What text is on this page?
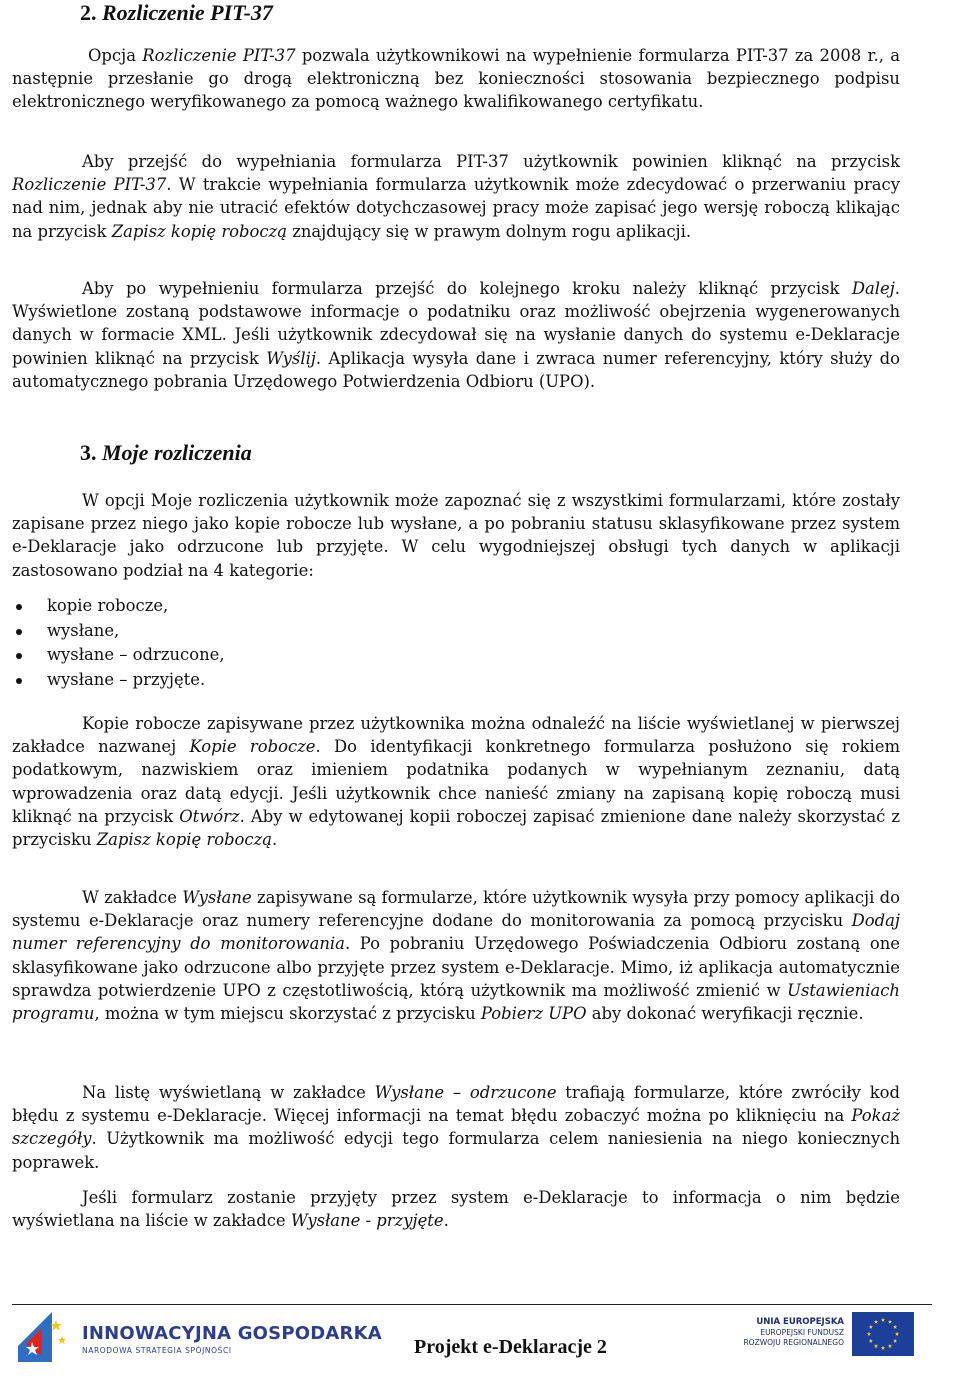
2. Rozliczenie PIT-37

Opcja Rozliczenie PIT-37 pozwala użytkownikowi na wypełnienie formularza PIT-37 za 2008 r., a następnie przesłanie go drogą elektroniczną bez konieczności stosowania bezpiecznego podpisu elektronicznego weryfikowanego za pomocą ważnego kwalifikowanego certyfikatu.

Aby przejść do wypełniania formularza PIT-37 użytkownik powinien kliknąć na przycisk Rozliczenie PIT-37. W trakcie wypełniania formularza użytkownik może zdecydować o przerwaniu pracy nad nim, jednak aby nie utracić efektów dotychczasowej pracy może zapisać jego wersję roboczą klikając na przycisk Zapisz kopię roboczą znajdujący się w prawym dolnym rogu aplikacji.

Aby po wypełnieniu formularza przejść do kolejnego kroku należy kliknąć przycisk Dalej. Wyświetlone zostaną podstawowe informacje o podatniku oraz możliwość obejrzenia wygenerowanych danych w formacie XML. Jeśli użytkownik zdecydował się na wysłanie danych do systemu e-Deklaracje powinien kliknąć na przycisk Wyślij. Aplikacja wysyła dane i zwraca numer referencyjny, który służy do automatycznego pobrania Urzędowego Potwierdzenia Odbioru (UPO).

3. Moje rozliczenia

W opcji Moje rozliczenia użytkownik może zapoznać się z wszystkimi formularzami, które zostały zapisane przez niego jako kopie robocze lub wysłane, a po pobraniu statusu sklasyfikowane przez system e-Deklaracje jako odrzucone lub przyjęte. W celu wygodniejszej obsługi tych danych w aplikacji zastosowano podział na 4 kategorie:

kopie robocze,
wysłane,
wysłane – odrzucone,
wysłane – przyjęte.

Kopie robocze zapisywane przez użytkownika można odnaleźć na liście wyświetlanej w pierwszej zakładce nazwanej Kopie robocze. Do identyfikacji konkretnego formularza posłużono się rokiem podatkowym, nazwiskiem oraz imieniem podatnika podanych w wypełnianym zeznaniu, datą wprowadzenia oraz datą edycji. Jeśli użytkownik chce nanieść zmiany na zapisaną kopię roboczą musi kliknąć na przycisk Otwórz. Aby w edytowanej kopii roboczej zapisać zmienione dane należy skorzystać z przycisku Zapisz kopię roboczą.

W zakładce Wysłane zapisywane są formularze, które użytkownik wysyła przy pomocy aplikacji do systemu e-Deklaracje oraz numery referencyjne dodane do monitorowania za pomocą przycisku Dodaj numer referencyjny do monitorowania. Po pobraniu Urzędowego Poświadczenia Odbioru zostaną one sklasyfikowane jako odrzucone albo przyjęte przez system e-Deklaracje. Mimo, iż aplikacja automatycznie sprawdza potwierdzenie UPO z częstotliwością, którą użytkownik ma możliwość zmienić w Ustawieniach programu, można w tym miejscu skorzystać z przycisku Pobierz UPO aby dokonać weryfikacji ręcznie.

Na listę wyświetlaną w zakładce Wysłane – odrzucone trafiają formularze, które zwróciły kod błędu z systemu e-Deklaracje. Więcej informacji na temat błędu zobaczyć można po kliknięciu na Pokaż szczegóły. Użytkownik ma możliwość edycji tego formularza celem naniesienia na niego koniecznych poprawek.

Jeśli formularz zostanie przyjęty przez system e-Deklaracje to informacja o nim będzie wyświetlana na liście w zakładce Wysłane - przyjęte.

INNOWACYJNA GOSPODARKA
NARODOWA STRATEGIA SPÓJNOŚCI	Projekt e-Deklaracje 2
UNIA EUROPEJSKA
EUROPEJSKI FUNDUSZ
ROZWOJU REGIONALNEGO
